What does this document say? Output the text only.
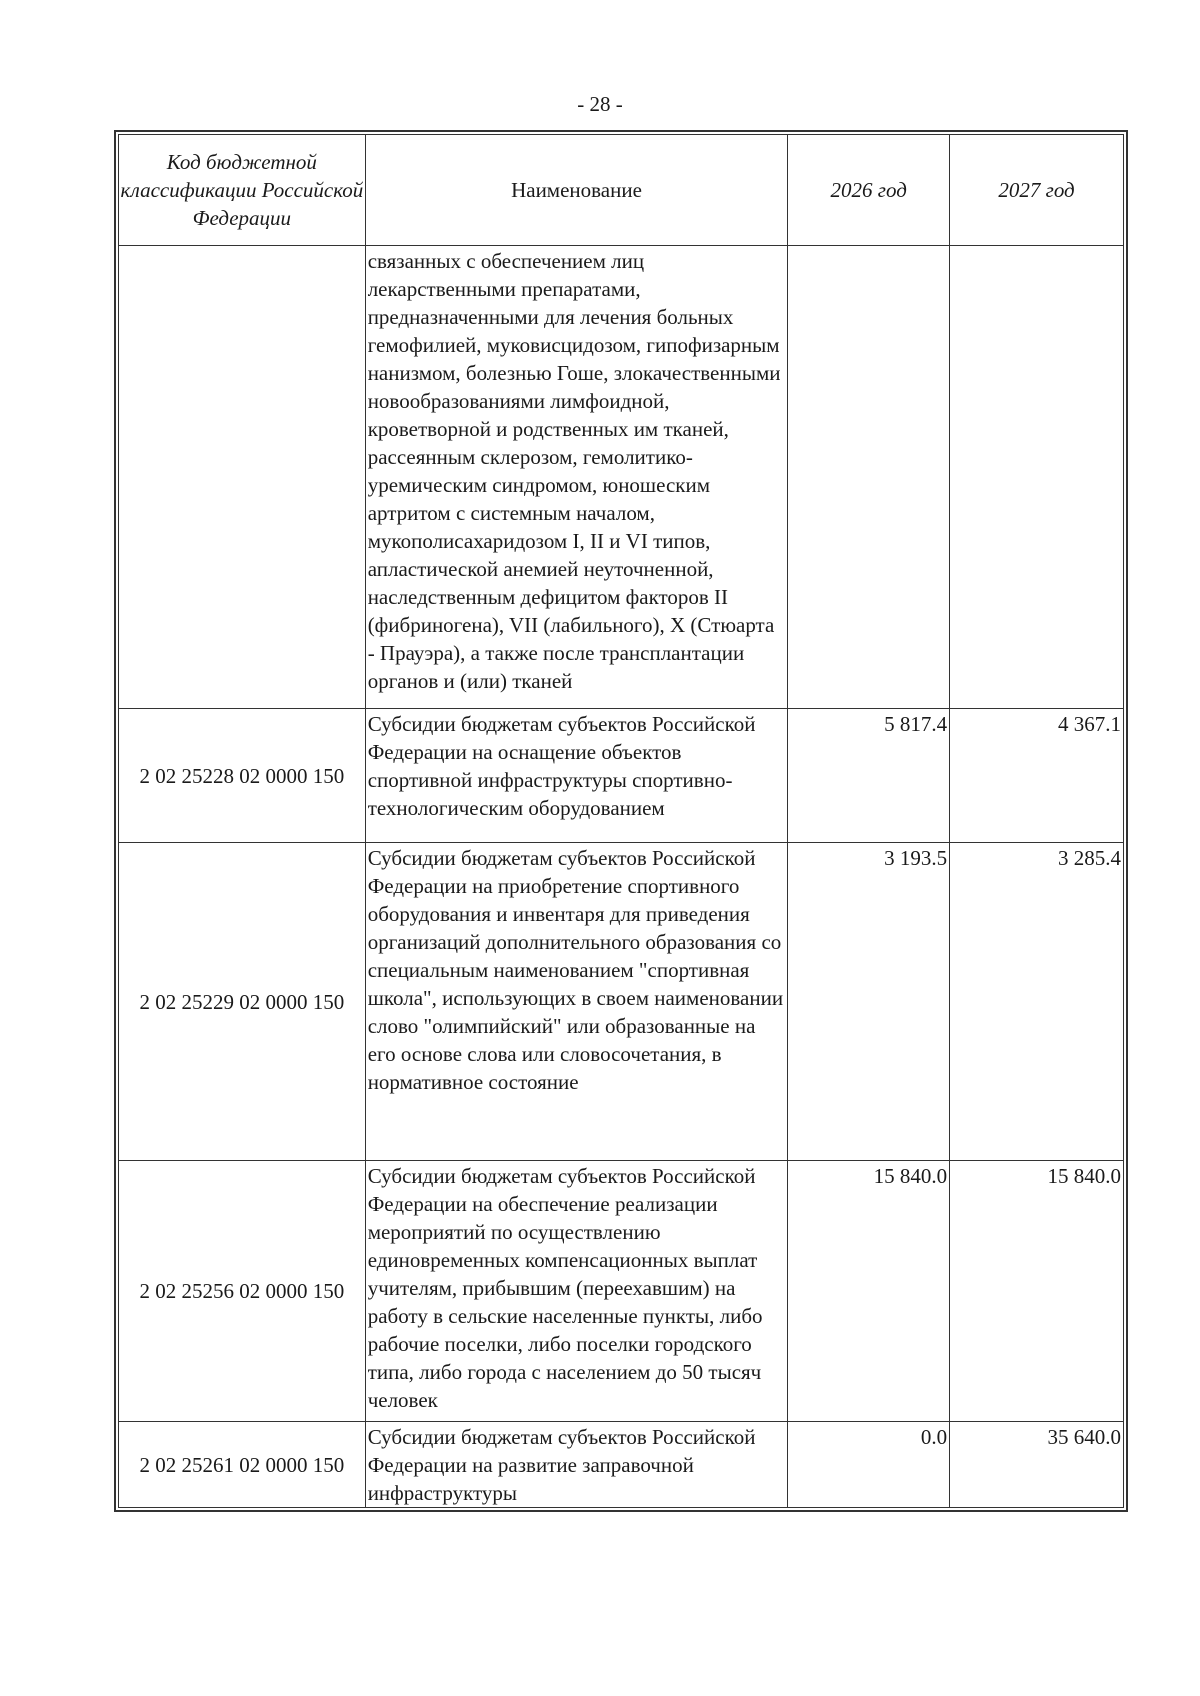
- 28 -
Код бюджетной классификации Российской Федерации	Наименование	2026 год	2027 год
	связанных с обеспечением лиц лекарственными препаратами, предназначенными для лечения больных гемофилией, муковисцидозом, гипофизарным нанизмом, болезнью Гоше, злокачественными новообразованиями лимфоидной, кроветворной и родственных им тканей, рассеянным склерозом, гемолитико-уремическим синдромом, юношеским артритом с системным началом, мукополисахаридозом I, II и VI типов, апластической анемией неуточненной, наследственным дефицитом факторов II (фибриногена), VII (лабильного), X (Стюарта - Прауэра), а также после трансплантации органов и (или) тканей		
2 02 25228 02 0000 150	Субсидии бюджетам субъектов Российской Федерации на оснащение объектов спортивной инфраструктуры спортивно-технологическим оборудованием	5 817.4	4 367.1
2 02 25229 02 0000 150	Субсидии бюджетам субъектов Российской Федерации на приобретение спортивного оборудования и инвентаря для приведения организаций дополнительного образования со специальным наименованием "спортивная школа", использующих в своем наименовании слово "олимпийский" или образованные на его основе слова или словосочетания, в нормативное состояние	3 193.5	3 285.4
2 02 25256 02 0000 150	Субсидии бюджетам субъектов Российской Федерации на обеспечение реализации мероприятий по осуществлению единовременных компенсационных выплат учителям, прибывшим (переехавшим) на работу в сельские населенные пункты, либо рабочие поселки, либо поселки городского типа, либо города с населением до 50 тысяч человек	15 840.0	15 840.0
2 02 25261 02 0000 150	Субсидии бюджетам субъектов Российской Федерации на развитие заправочной инфраструктуры	0.0	35 640.0
